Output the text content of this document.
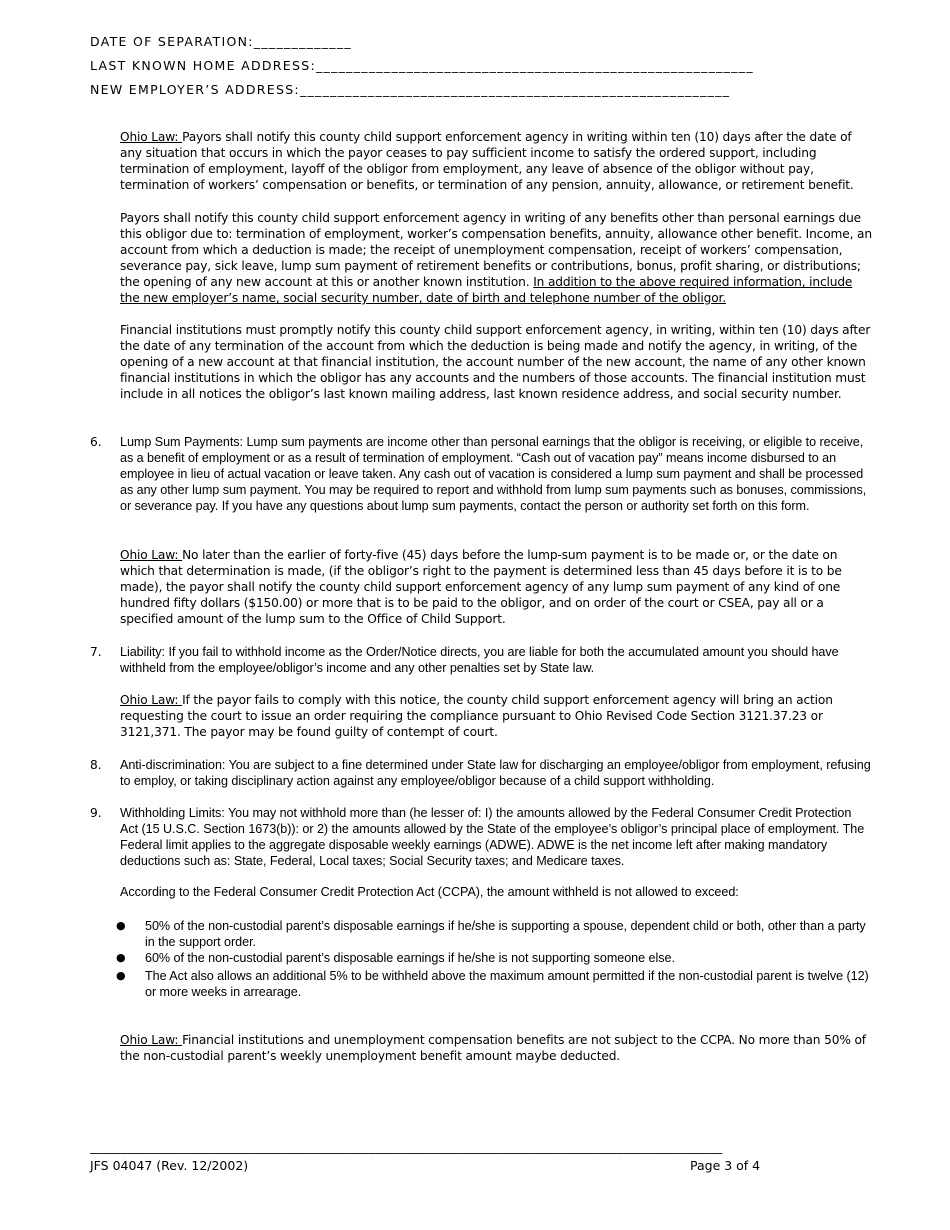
DATE OF SEPARATION:_____________
LAST KNOWN HOME ADDRESS:__________________________________________________________
NEW EMPLOYER’S ADDRESS:_________________________________________________________
Ohio Law: Payors shall notify this county child support enforcement agency in writing within ten (10) days after the date of any situation that occurs in which the payor ceases to pay sufficient income to satisfy the ordered support, including termination of employment, layoff of the obligor from employment, any leave of absence of the obligor without pay, termination of workers’ compensation or benefits, or termination of any pension, annuity, allowance, or retirement benefit.
Payors shall notify this county child support enforcement agency in writing of any benefits other than personal earnings due this obligor due to: termination of employment, worker’s compensation benefits, annuity, allowance other benefit. Income, an account from which a deduction is made; the receipt of unemployment compensation, receipt of workers’ compensation, severance pay, sick leave, lump sum payment of retirement benefits or contributions, bonus, profit sharing, or distributions; the opening of any new account at this or another known institution. In addition to the above required information, include the new employer’s name, social security number, date of birth and telephone number of the obligor.
Financial institutions must promptly notify this county child support enforcement agency, in writing, within ten (10) days after the date of any termination of the account from which the deduction is being made and notify the agency, in writing, of the opening of a new account at that financial institution, the account number of the new account, the name of any other known financial institutions in which the obligor has any accounts and the numbers of those accounts. The financial institution must include in all notices the obligor’s last known mailing address, last known residence address, and social security number.
6. Lump Sum Payments: Lump sum payments are income other than personal earnings that the obligor is receiving, or eligible to receive, as a benefit of employment or as a result of termination of employment. “Cash out of vacation pay” means income disbursed to an employee in lieu of actual vacation or leave taken. Any cash out of vacation is considered a lump sum payment and shall be processed as any other lump sum payment. You may be required to report and withhold from lump sum payments such as bonuses, commissions, or severance pay. If you have any questions about lump sum payments, contact the person or authority set forth on this form.
Ohio Law: No later than the earlier of forty-five (45) days before the lump-sum payment is to be made or, or the date on which that determination is made, (if the obligor’s right to the payment is determined less than 45 days before it is to be made), the payor shall notify the county child support enforcement agency of any lump sum payment of any kind of one hundred fifty dollars ($150.00) or more that is to be paid to the obligor, and on order of the court or CSEA, pay all or a specified amount of the lump sum to the Office of Child Support.
7. Liability: If you fail to withhold income as the Order/Notice directs, you are liable for both the accumulated amount you should have withheld from the employee/obligor’s income and any other penalties set by State law.
Ohio Law: If the payor fails to comply with this notice, the county child support enforcement agency will bring an action requesting the court to issue an order requiring the compliance pursuant to Ohio Revised Code Section 3121.37.23 or 3121,371. The payor may be found guilty of contempt of court.
8. Anti-discrimination: You are subject to a fine determined under State law for discharging an employee/obligor from employment, refusing to employ, or taking disciplinary action against any employee/obligor because of a child support withholding.
9. Withholding Limits: You may not withhold more than (he lesser of: I) the amounts allowed by the Federal Consumer Credit Protection Act (15 U.S.C. Section 1673(b)): or 2) the amounts allowed by the State of the employee’s obligor’s principal place of employment. The Federal limit applies to the aggregate disposable weekly earnings (ADWE). ADWE is the net income left after making mandatory deductions such as: State, Federal, Local taxes; Social Security taxes; and Medicare taxes.
According to the Federal Consumer Credit Protection Act (CCPA), the amount withheld is not allowed to exceed:
● 50% of the non-custodial parent’s disposable earnings if he/she is supporting a spouse, dependent child or both, other than a party in the support order.
● 60% of the non-custodial parent’s disposable earnings if he/she is not supporting someone else.
● The Act also allows an additional 5% to be withheld above the maximum amount permitted if the non-custodial parent is twelve (12) or more weeks in arrearage.
Ohio Law: Financial institutions and unemployment compensation benefits are not subject to the CCPA. No more than 50% of the non-custodial parent’s weekly unemployment benefit amount maybe deducted.
______________________________________________________________________________________________________
JFS 04047 (Rev. 12/2002)	Page 3 of 4
